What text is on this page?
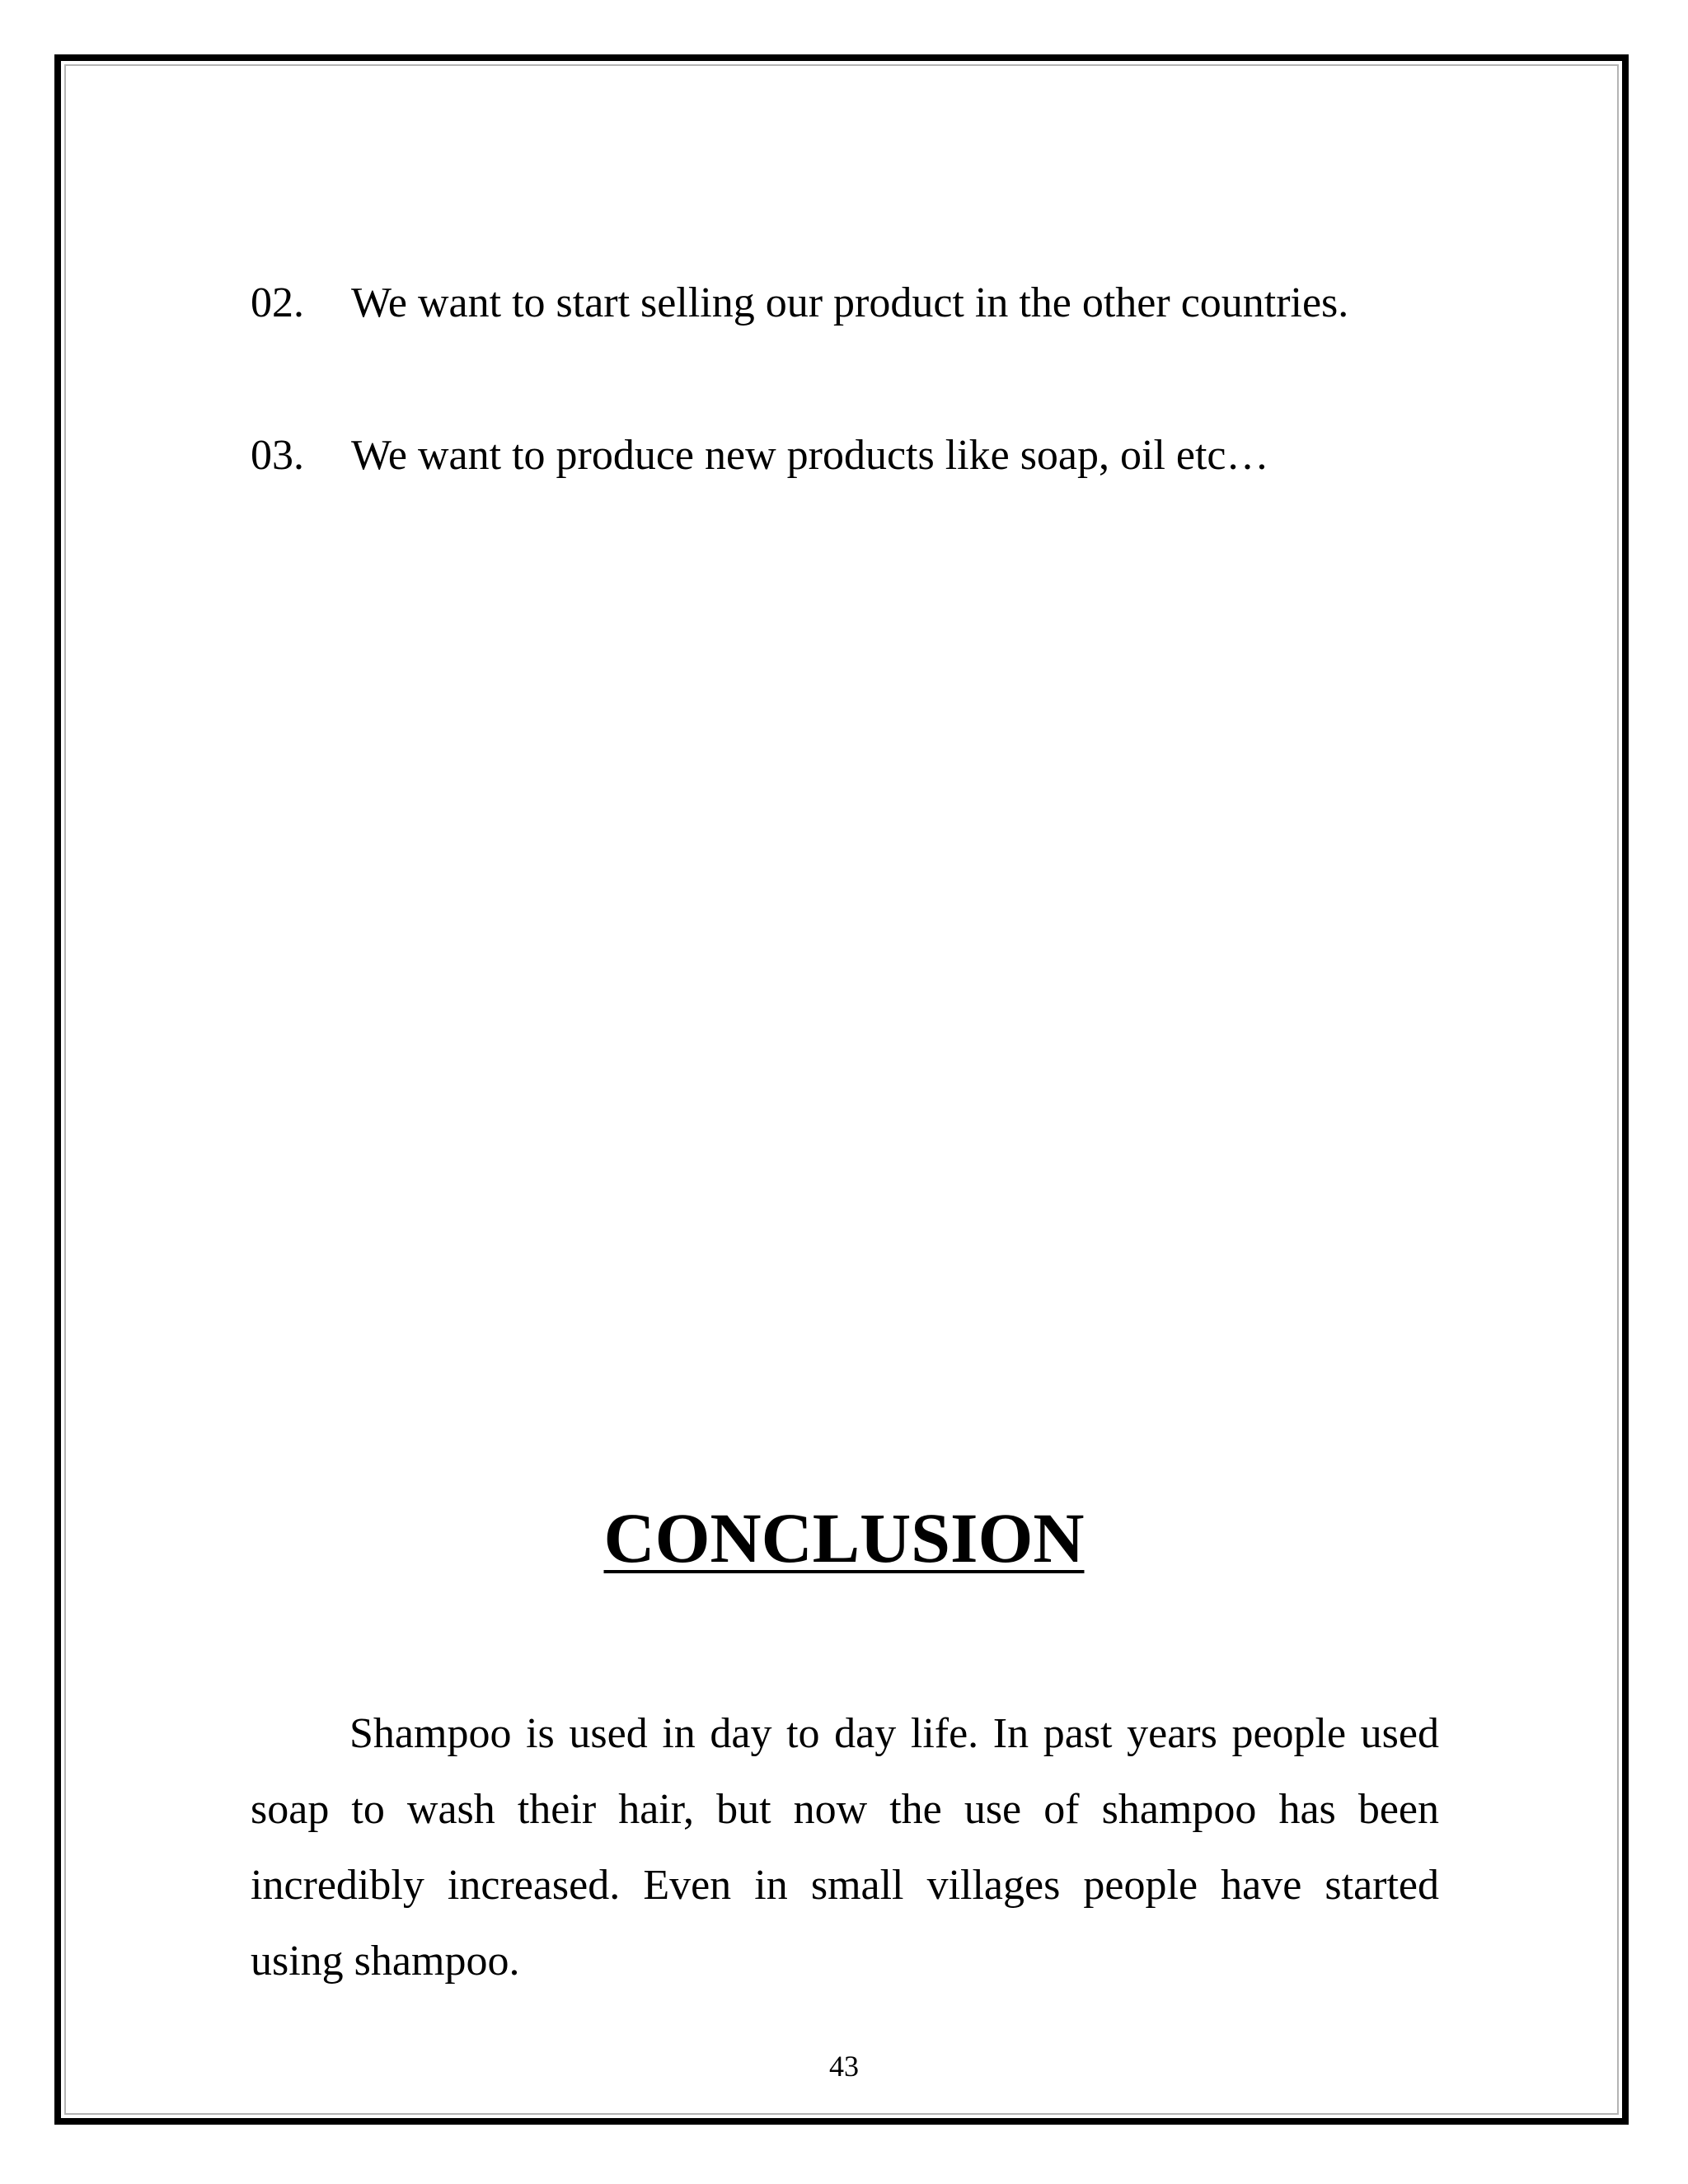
02. We want to start selling our product in the other countries.
03. We want to produce new products like soap, oil etc…
CONCLUSION

Shampoo is used in day to day life. In past years people used soap to wash their hair, but now the use of shampoo has been incredibly increased. Even in small villages people have started using shampoo.

43
